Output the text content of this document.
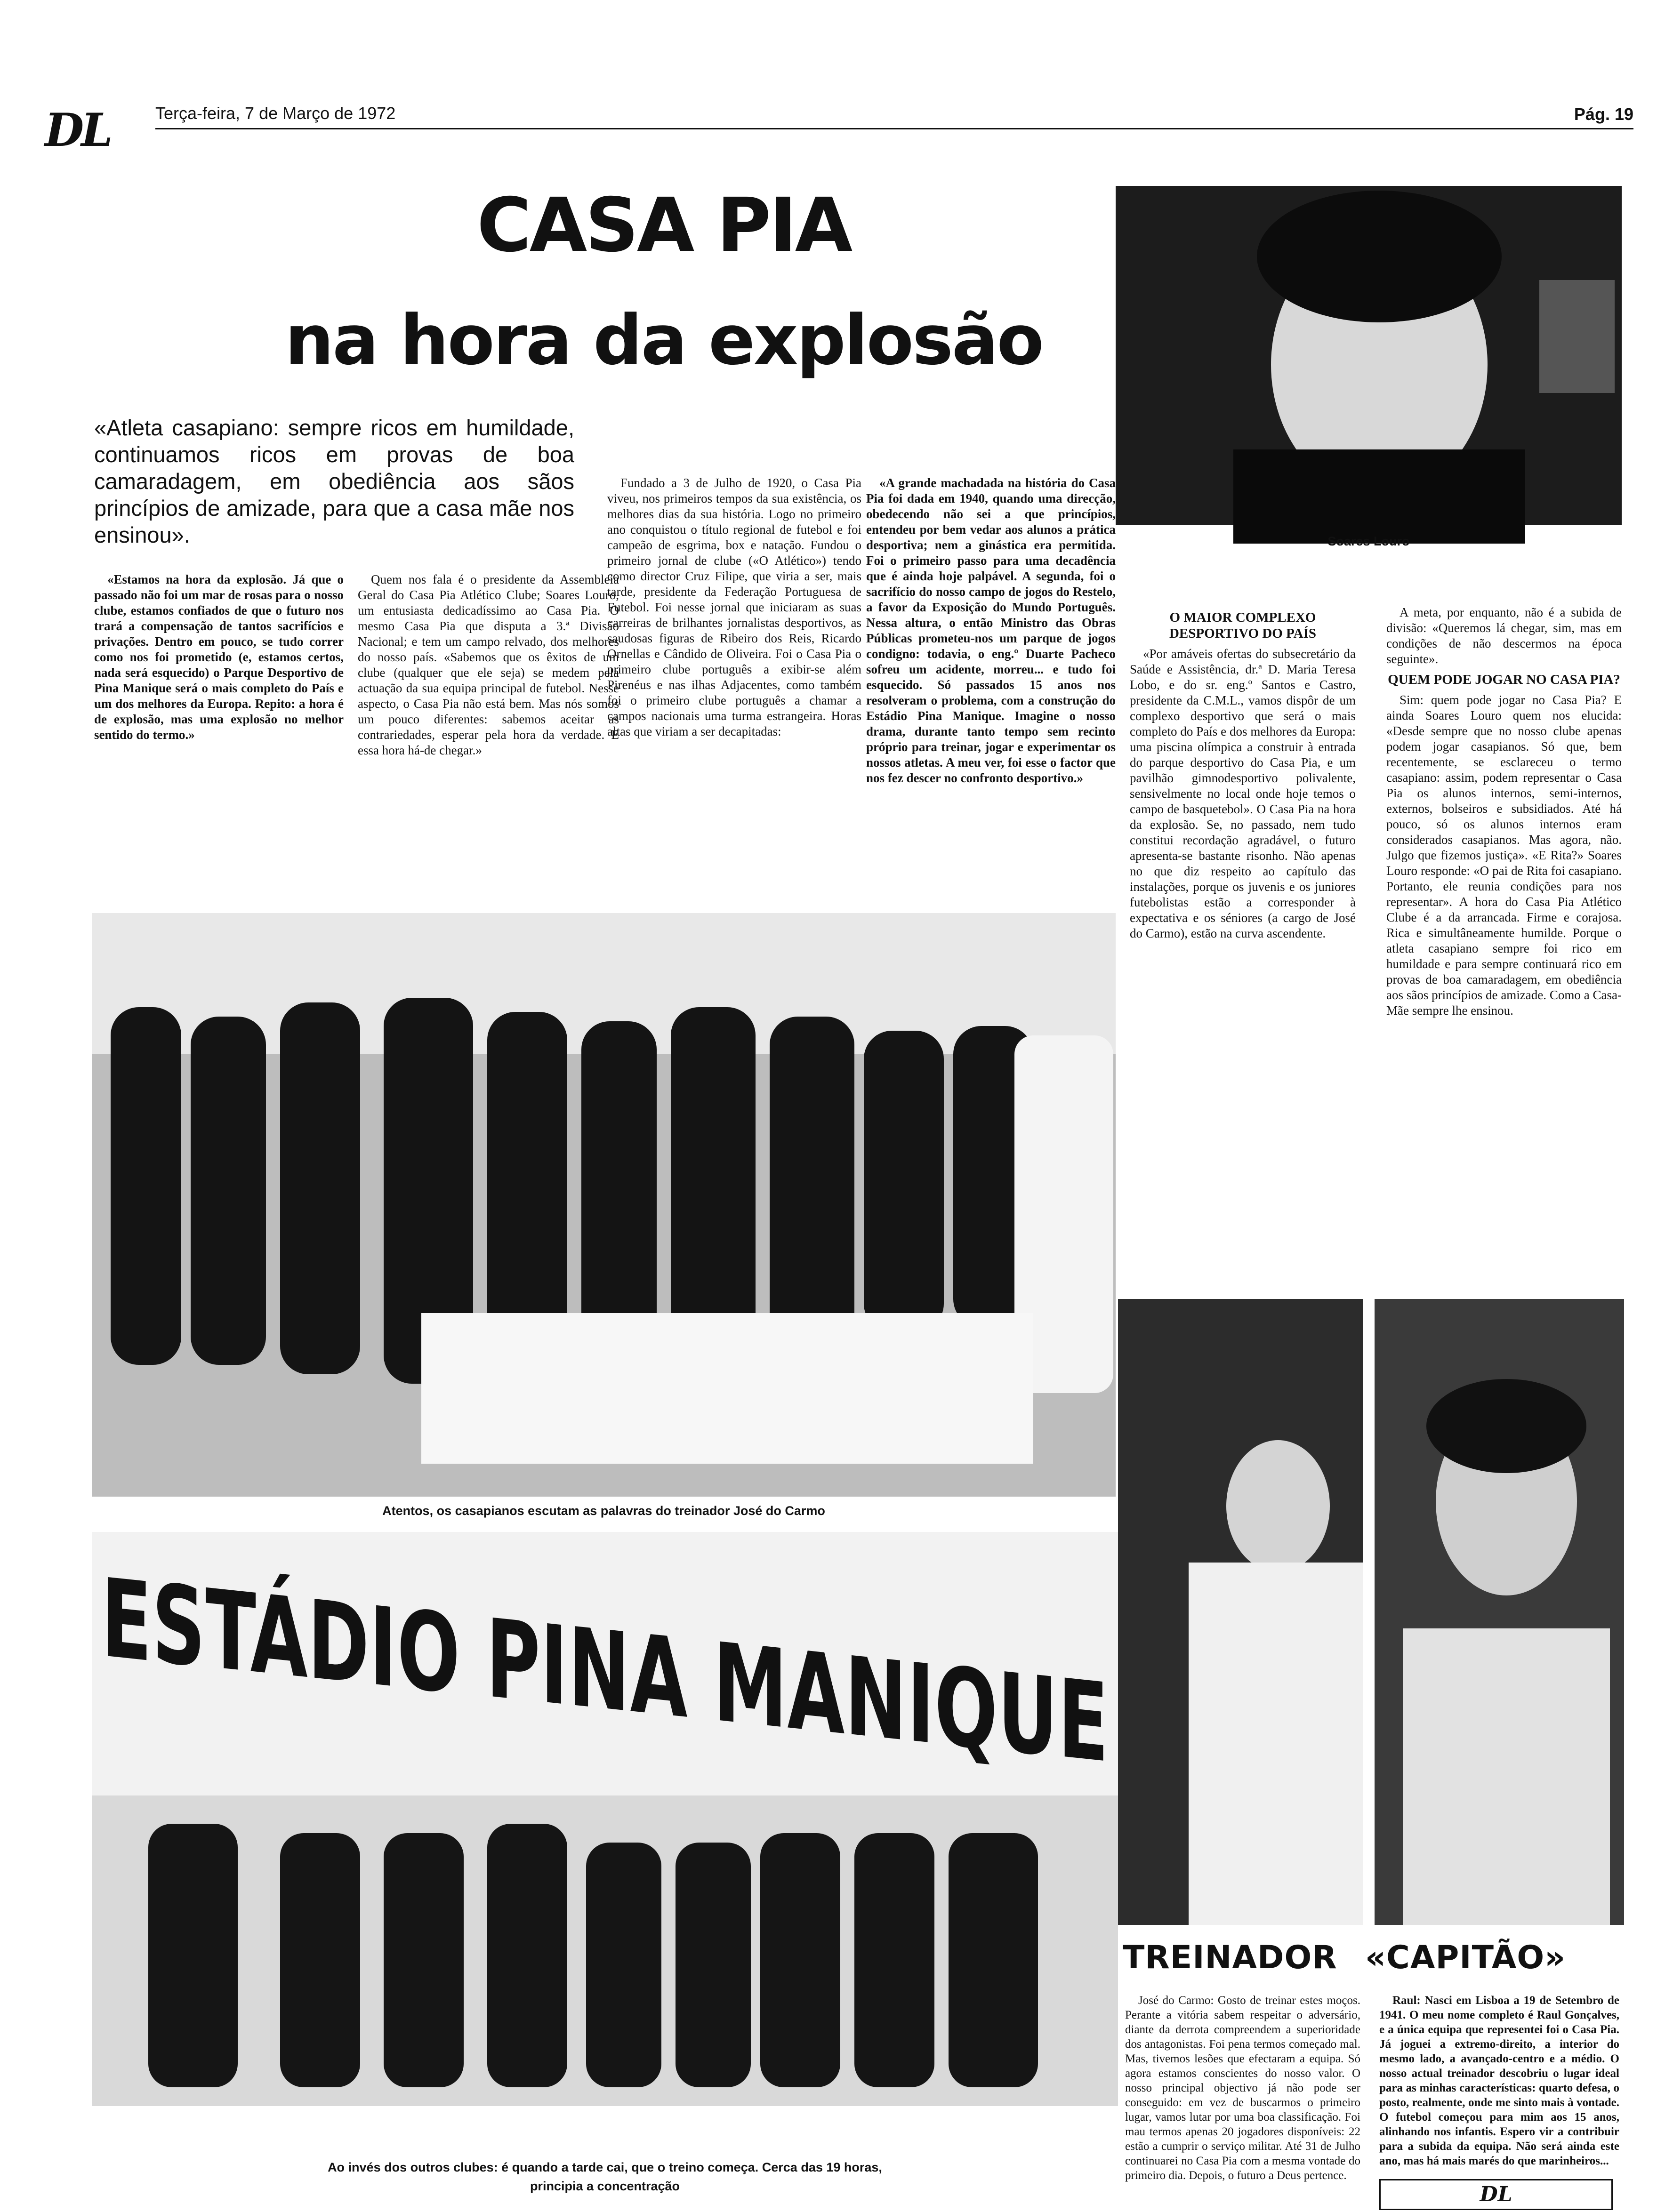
DL	Terça-feira, 7 de Março de 1972	Pág. 19
CASA PIA
na hora da explosão
Soares Louro
«Atleta casapiano: sempre ricos em humildade, continuamos ricos em provas de boa camaradagem, em obediência aos sãos princípios de amizade, para que a casa mãe nos ensinou».

«Estamos na hora da explosão. Já que o passado não foi um mar de rosas para o nosso clube, estamos confiados de que o futuro nos trará a compensação de tantos sacrifícios e privações. Dentro em pouco, se tudo correr como nos foi prometido (e, estamos certos, nada será esquecido) o Parque Desportivo de Pina Manique será o mais completo do País e um dos melhores da Europa. Repito: a hora é de explosão, mas uma explosão no melhor sentido do termo.»

Quem nos fala é o presidente da Assembleia Geral do Casa Pia Atlético Clube; Soares Louro, um entusiasta dedicadíssimo ao Casa Pia. O mesmo Casa Pia que disputa a 3.ª Divisão Nacional; e tem um campo relvado, dos melhores do nosso país. «Sabemos que os êxitos de um clube (qualquer que ele seja) se medem pela actuação da sua equipa principal de futebol. Nesse aspecto, o Casa Pia não está bem. Mas nós somos um pouco diferentes: sabemos aceitar as contrariedades, esperar pela hora da verdade. E essa hora há-de chegar.»

Fundado a 3 de Julho de 1920, o Casa Pia viveu, nos primeiros tempos da sua existência, os melhores dias da sua história. Logo no primeiro ano conquistou o título regional de futebol e foi campeão de esgrima, box e natação. Fundou o primeiro jornal de clube («O Atlético») tendo como director Cruz Filipe, que viria a ser, mais tarde, presidente da Federação Portuguesa de Futebol. Foi nesse jornal que iniciaram as suas carreiras de brilhantes jornalistas desportivos, as saudosas figuras de Ribeiro dos Reis, Ricardo Ornellas e Cândido de Oliveira. Foi o Casa Pia o primeiro clube português a exibir-se além Pirenéus e nas ilhas Adjacentes, como também foi o primeiro clube português a chamar a campos nacionais uma turma estrangeira. Horas altas que viriam a ser decapitadas:

«A grande machadada na história do Casa Pia foi dada em 1940, quando uma direcção, obedecendo não sei a que princípios, entendeu por bem vedar aos alunos a prática desportiva; nem a ginástica era permitida. Foi o primeiro passo para uma decadência que é ainda hoje palpável. A segunda, foi o sacrifício do nosso campo de jogos do Restelo, a favor da Exposição do Mundo Português. Nessa altura, o então Ministro das Obras Públicas prometeu-nos um parque de jogos condigno: todavia, o eng.º Duarte Pacheco sofreu um acidente, morreu... e tudo foi esquecido. Só passados 15 anos nos resolveram o problema, com a construção do Estádio Pina Manique. Imagine o nosso drama, durante tanto tempo sem recinto próprio para treinar, jogar e experimentar os nossos atletas. A meu ver, foi esse o factor que nos fez descer no confronto desportivo.»

O MAIOR COMPLEXO DESPORTIVO DO PAÍS

«Por amáveis ofertas do subsecretário da Saúde e Assistência, dr.ª D. Maria Teresa Lobo, e do sr. eng.º Santos e Castro, presidente da C.M.L., vamos dispôr de um complexo desportivo que será o mais completo do País e dos melhores da Europa: uma piscina olímpica a construir à entrada do parque desportivo do Casa Pia, e um pavilhão gimnodesportivo polivalente, sensivelmente no local onde hoje temos o campo de basquetebol». O Casa Pia na hora da explosão. Se, no passado, nem tudo constitui recordação agradável, o futuro apresenta-se bastante risonho. Não apenas no que diz respeito ao capítulo das instalações, porque os juvenis e os juniores futebolistas estão a corresponder à expectativa e os séniores (a cargo de José do Carmo), estão na curva ascendente.

A meta, por enquanto, não é a subida de divisão: «Queremos lá chegar, sim, mas em condições de não descermos na época seguinte».

QUEM PODE JOGAR NO CASA PIA?

Sim: quem pode jogar no Casa Pia? E ainda Soares Louro quem nos elucida: «Desde sempre que no nosso clube apenas podem jogar casapianos. Só que, bem recentemente, se esclareceu o termo casapiano: assim, podem representar o Casa Pia os alunos internos, semi-internos, externos, bolseiros e subsidiados. Até há pouco, só os alunos internos eram considerados casapianos. Mas agora, não. Julgo que fizemos justiça». «E Rita?» Soares Louro responde: «O pai de Rita foi casapiano. Portanto, ele reunia condições para nos representar». A hora do Casa Pia Atlético Clube é a da arrancada. Firme e corajosa. Rica e simultâneamente humilde. Porque o atleta casapiano sempre foi rico em humildade e para sempre continuará rico em provas de boa camaradagem, em obediência aos sãos princípios de amizade. Como a Casa-Mãe sempre lhe ensinou.

Atentos, os casapianos escutam as palavras do treinador José do Carmo
ESTÁDIO PINA MANIQUE
Ao invés dos outros clubes: é quando a tarde cai, que o treino começa. Cerca das 19 horas,
principia a concentração
TREINADOR

José do Carmo: Gosto de treinar estes moços. Perante a vitória sabem respeitar o adversário, diante da derrota compreendem a superioridade dos antagonistas. Foi pena termos começado mal. Mas, tivemos lesões que efectaram a equipa. Só agora estamos conscientes do nosso valor. O nosso principal objectivo já não pode ser conseguido: em vez de buscarmos o primeiro lugar, vamos lutar por uma boa classificação. Foi mau termos apenas 20 jogadores disponíveis: 22 estão a cumprir o serviço militar. Até 31 de Julho continuarei no Casa Pia com a mesma vontade do primeiro dia. Depois, o futuro a Deus pertence.

«CAPITÃO»

Raul: Nasci em Lisboa a 19 de Setembro de 1941. O meu nome completo é Raul Gonçalves, e a única equipa que representei foi o Casa Pia. Já joguei a extremo-direito, a interior do mesmo lado, a avançado-centro e a médio. O nosso actual treinador descobriu o lugar ideal para as minhas características: quarto defesa, o posto, realmente, onde me sinto mais à vontade. O futebol começou para mim aos 15 anos, alinhando nos infantis. Espero vir a contribuir para a subida da equipa. Não será ainda este ano, mas há mais marés do que marinheiros...

DL
